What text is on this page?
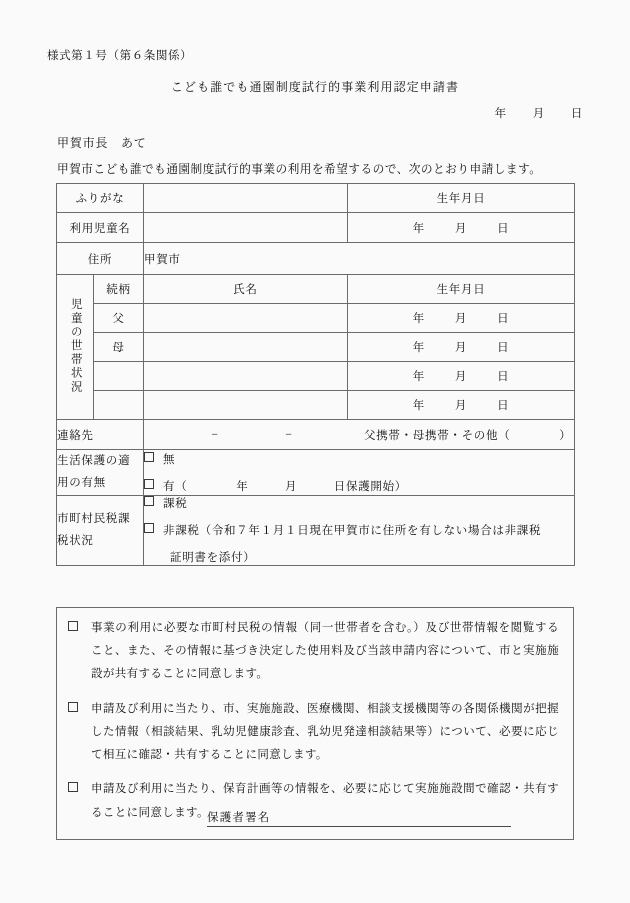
様式第１号（第６条関係）
こども誰でも通園制度試行的事業利用認定申請書
年 月 日
甲賀市長　あて
甲賀市こども誰でも通園制度試行的事業の利用を希望するので、次のとおり申請します。
ふりがな			生年月日
利用児童名			年 月 日

住所		甲賀市	
児童の世帯状況	続柄	氏名	生年月日
	父		年 月 日

	母		年 月 日

			年 月 日

			年 月 日

連絡先		− − 父携帯・母携帯・その他（　　　　）	

生活保護の適
用の有無		無
有（　　　　年　　　月　　　日保護開始）	

市町村民税課
税状況		課税
非課税（令和７年１月１日現在甲賀市に住所を有しない場合は非課税
証明書を添付）	
事業の利用に必要な市町村民税の情報（同一世帯者を含む。）及び世帯情報を閲覧すること、また、その情報に基づき決定した使用料及び当該申請内容について、市と実施施設が共有することに同意します。
申請及び利用に当たり、市、実施施設、医療機関、相談支援機関等の各関係機関が把握した情報（相談結果、乳幼児健康診査、乳幼児発達相談結果等）について、必要に応じて相互に確認・共有することに同意します。
申請及び利用に当たり、保育計画等の情報を、必要に応じて実施施設間で確認・共有することに同意します。
保護者署名
